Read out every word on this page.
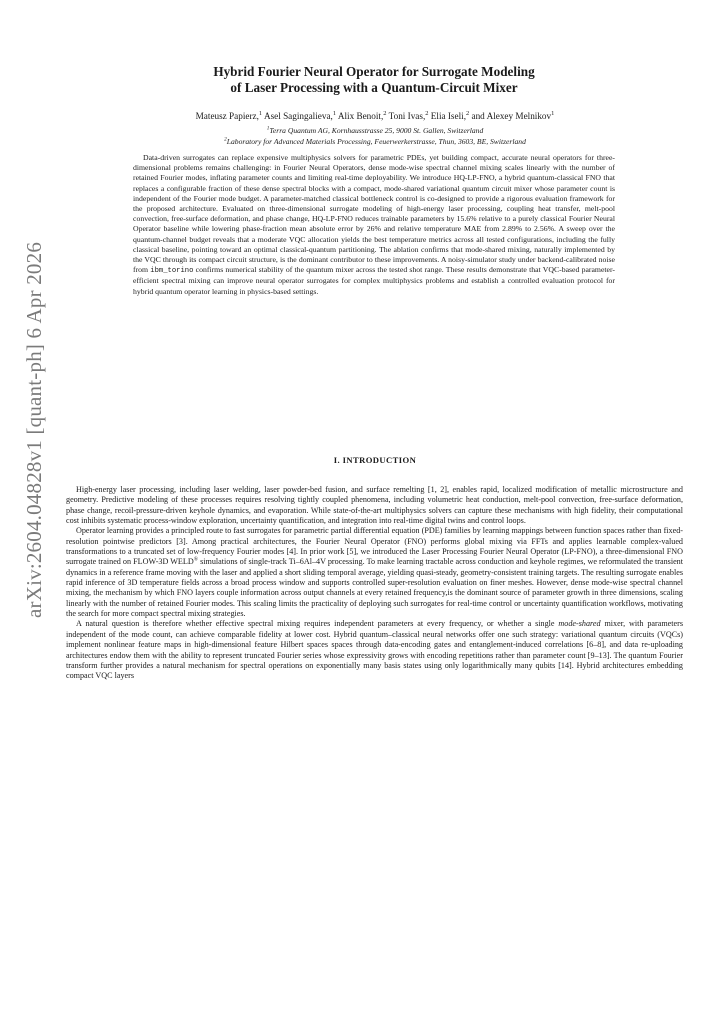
arXiv:2604.04828v1 [quant-ph] 6 Apr 2026
Hybrid Fourier Neural Operator for Surrogate Modeling
of Laser Processing with a Quantum-Circuit Mixer
Mateusz Papierz,$^1$ Asel Sagingalieva,$^1$ Alix Benoit,$^2$ Toni Ivas,$^2$ Elia Iseli,$^2$ and Alexey Melnikov$^1$
$^1$Terra Quantum AG, Kornhausstrasse 25, 9000 St. Gallen, Switzerland
$^2$Laboratory for Advanced Materials Processing, Feuerwerkerstrasse, Thun, 3603, BE, Switzerland
Data-driven surrogates can replace expensive multiphysics solvers for parametric PDEs, yet building compact, accurate neural operators for three-dimensional problems remains challenging: in Fourier Neural Operators, dense mode-wise spectral channel mixing scales linearly with the number of retained Fourier modes, inflating parameter counts and limiting real-time deployability. We introduce HQ-LP-FNO, a hybrid quantum-classical FNO that replaces a configurable fraction of these dense spectral blocks with a compact, mode-shared variational quantum circuit mixer whose parameter count is independent of the Fourier mode budget. A parameter-matched classical bottleneck control is co-designed to provide a rigorous evaluation framework for the proposed architecture. Evaluated on three-dimensional surrogate modeling of high-energy laser processing, coupling heat transfer, melt-pool convection, free-surface deformation, and phase change, HQ-LP-FNO reduces trainable parameters by 15.6% relative to a purely classical Fourier Neural Operator baseline while lowering phase-fraction mean absolute error by 26% and relative temperature MAE from 2.89% to 2.56%. A sweep over the quantum-channel budget reveals that a moderate VQC allocation yields the best temperature metrics across all tested configurations, including the fully classical baseline, pointing toward an optimal classical-quantum partitioning. The ablation confirms that mode-shared mixing, naturally implemented by the VQC through its compact circuit structure, is the dominant contributor to these improvements. A noisy-simulator study under backend-calibrated noise from ibm_torino confirms numerical stability of the quantum mixer across the tested shot range. These results demonstrate that VQC-based parameter-efficient spectral mixing can improve neural operator surrogates for complex multiphysics problems and establish a controlled evaluation protocol for hybrid quantum operator learning in physics-based settings.
I. INTRODUCTION

High-energy laser processing, including laser welding, laser powder-bed fusion, and surface remelting [1, 2], enables rapid, localized modification of metallic microstructure and geometry. Predictive modeling of these processes requires resolving tightly coupled phenomena, including volumetric heat conduction, melt-pool convection, free-surface deformation, phase change, recoil-pressure-driven keyhole dynamics, and evaporation. While state-of-the-art multiphysics solvers can capture these mechanisms with high fidelity, their computational cost inhibits systematic process-window exploration, uncertainty quantification, and integration into real-time digital twins and control loops.

Operator learning provides a principled route to fast surrogates for parametric partial differential equation (PDE) families by learning mappings between function spaces rather than fixed-resolution pointwise predictors [3]. Among practical architectures, the Fourier Neural Operator (FNO) performs global mixing via FFTs and applies learnable complex-valued transformations to a truncated set of low-frequency Fourier modes [4]. In prior work [5], we introduced the Laser Processing Fourier Neural Operator (LP-FNO), a three-dimensional FNO surrogate trained on FLOW-3D WELD® simulations of single-track Ti–6Al–4V processing. To make learning tractable across conduction and keyhole regimes, we reformulated the transient dynamics in a reference frame moving with the laser and applied a short sliding temporal average, yielding quasi-steady, geometry-consistent training targets. The resulting surrogate enables rapid inference of 3D temperature fields across a broad process window and supports controlled super-resolution evaluation on finer meshes. However, dense mode-wise spectral channel mixing, the mechanism by which FNO layers couple information across output channels at every retained frequency,is the dominant source of parameter growth in three dimensions, scaling linearly with the number of retained Fourier modes. This scaling limits the practicality of deploying such surrogates for real-time control or uncertainty quantification workflows, motivating the search for more compact spectral mixing strategies.

A natural question is therefore whether effective spectral mixing requires independent parameters at every frequency, or whether a single mode-shared mixer, with parameters independent of the mode count, can achieve comparable fidelity at lower cost. Hybrid quantum–classical neural networks offer one such strategy: variational quantum circuits (VQCs) implement nonlinear feature maps in high-dimensional feature Hilbert spaces spaces through data-encoding gates and entanglement-induced correlations [6–8], and data re-uploading architectures endow them with the ability to represent truncated Fourier series whose expressivity grows with encoding repetitions rather than parameter count [9–13]. The quantum Fourier transform further provides a natural mechanism for spectral operations on exponentially many basis states using only logarithmically many qubits [14]. Hybrid architectures embedding compact VQC layers
